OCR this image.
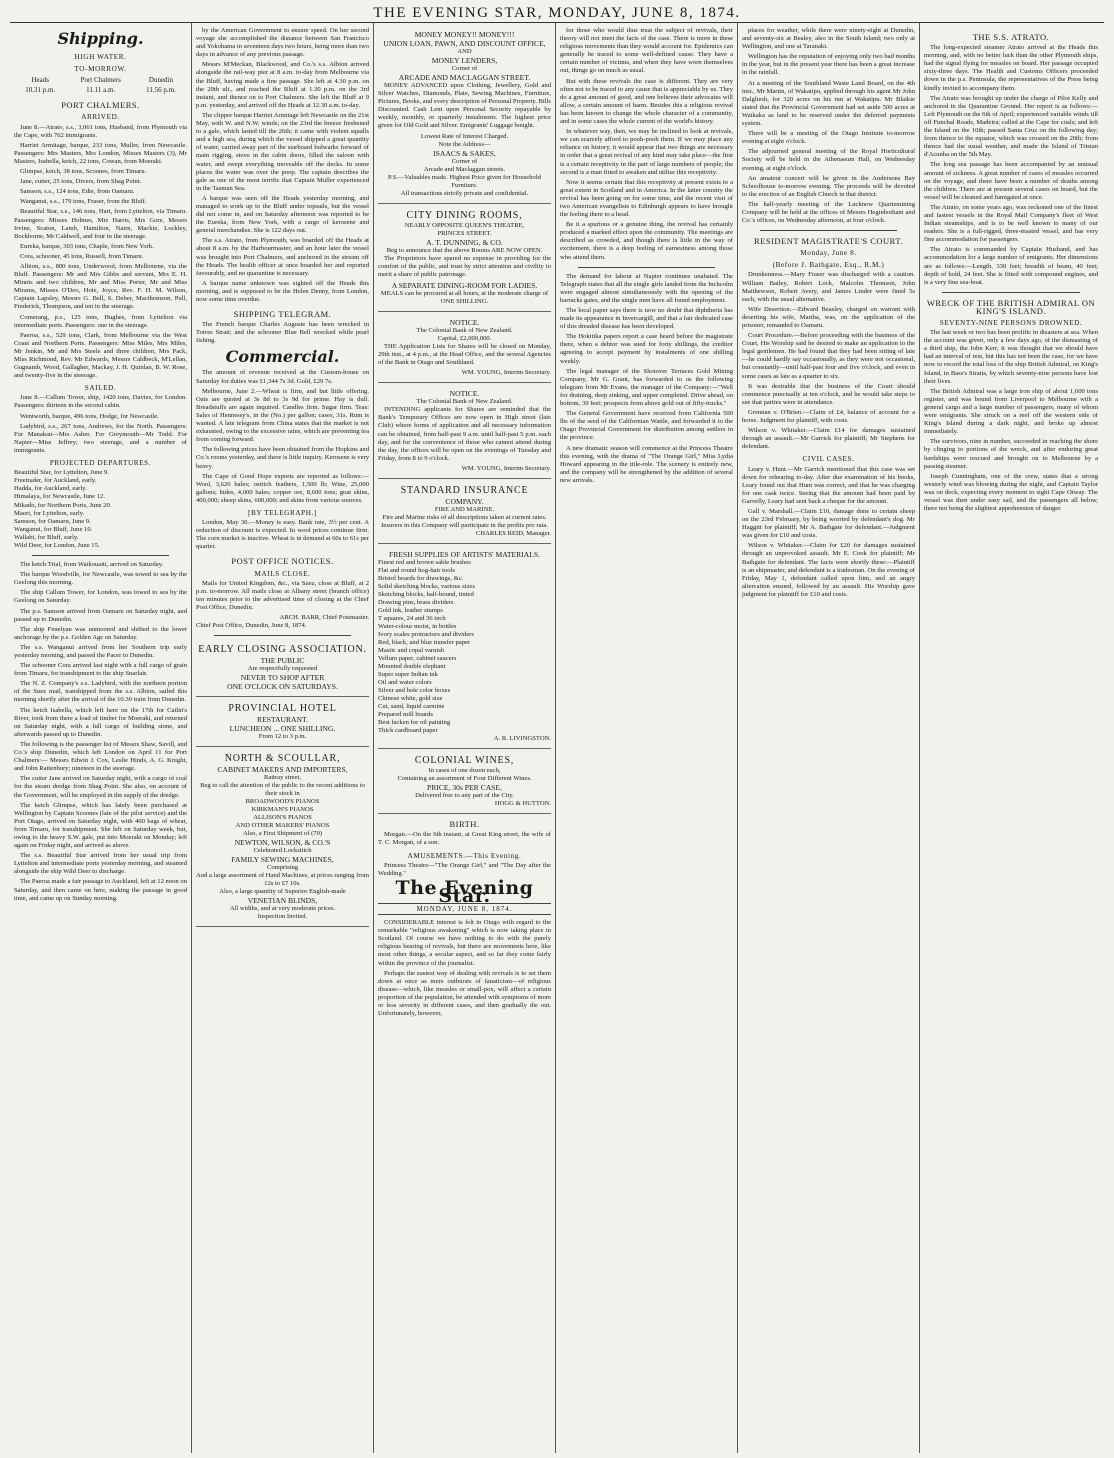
THE EVENING STAR, MONDAY, JUNE 8, 1874.
Shipping.
HIGH WATER.
TO-MORROW.
Heads	Port Chalmers	Dunedin
10.31 p.m.	11.11 a.m.	11.56 p.m.
PORT CHALMERS.
ARRIVED.

June 8.—Atrato, s.s., 3,061 tons, Husband, from Plymouth via the Cape, with 762 immigrants.

Harriet Armitage, barque, 233 tons, Muller, from Newcastle. Passengers: Mrs Masters, Mrs London, Misses Masters (3), Mr Masters, Isabella, ketch, 22 tons, Cowan, from Moeraki.

Glimpse, ketch, 38 tons, Scoones, from Timaru.

Jane, cutter, 25 tons, Divers, from Shag Point.

Samson, s.s., 124 tons, Edie, from Oamaru.

Wanganui, s.s., 179 tons, Fraser, from the Bluff.

Beautiful Star, s.s., 146 tons, Hart, from Lyttelton, via Timaru. Passengers: Misses Holmes, Mrs Harris, Mrs Gore, Messrs Irvine, Scaton, Lamb, Hamilton, Nairn, Mackie, Lockley, Bockborne, Mr Caldwell, and four in the steerage.

Eureka, barque, 303 tons, Chaple, from New York.

Cora, schooner, 45 tons, Russell, from Timaru.

Albion, s.s., 800 tons, Underwood, from Melbourne, via the Bluff. Passengers: Mr and Mrs Gibbs and servant, Mrs E. H. Minnis and two children, Mr and Miss Porter, Mr and Miss Mirams, Misses O'Deo, Hoie, Joyce, Rev. F. H. M. Wilson, Captain Lapsley, Messrs G. Bell, S. Deber, Macthomson, Pull, Frederick, Thompson, and ten in the steerage.

Comerang, p.s., 125 tons, Hughes, from Lyttelton via intermediate ports. Passengers: one in the steerage.

Paeroa, s.s., 529 tons, Clark, from Melbourne via the West Coast and Northern Ports. Passengers: Miss Miles, Mrs Miles, Mr Jenkin, Mr and Mrs Steele and three children, Mrs Pack, Miss Richmond, Rev. Mr Edwards, Messrs Caldbeck, M'Lellan, Gugnamb, Wood, Gallagher, Mackay, J. H. Quinlan, B. W. Rose, and twenty-five in the steerage.

SAILED.

June 8.—Callum Tower, ship, 1420 tons, Davies, for London. Passengers: thirteen in the second cabin.

Wentworth, barque, 496 tons, Hodge, for Newcastle.

Ladybird, s.s., 267 tons, Andrews, for the North. Passengers: For Manakau—Mrs Asher. For Greymouth—Mr Todd. For Napier—Miss Jeffrey; two steerage, and a number of immigrants.

PROJECTED DEPARTURES.
Beautiful Star, for Lyttelton, June 9.
Freetrader, for Auckland, early.
Hadda, for Auckland, early.
Himalaya, for Newcastle, June 12.
Mikado, for Northern Ports, June 20.
Maori, for Lyttelton, early.
Samson, for Oamaru, June 9.
Wanganui, for Bluff, June 10.
Wallabi, for Bluff, early.
Wild Deer, for London, June 15.

The ketch Trial, from Waikouaiti, arrived on Saturday.

The barque Woodville, for Newcastle, was towed to sea by the Geelong this morning.

The ship Callum Tower, for London, was towed to sea by the Geelong on Saturday.

The p.s. Samson arrived from Oamaru on Saturday night, and passed up to Dunedin.

The ship Fenelyan was unmoored and shifted to the lower anchorage by the p.s. Golden Age on Saturday.

The s.s. Wanganui arrived from her Southern trip early yesterday morning, and passed the Pacer to Dunedin.

The schooner Cora arrived last night with a full cargo of grain from Timaru, for transhipment to the ship Snarlair.

The N. Z. Company's s.s. Ladybird, with the northern portion of the Suez mail, transhipped from the s.s. Albion, sailed this morning shortly after the arrival of the 10.30 train from Dunedin.

The ketch Isabella, which left here on the 17th for Catlin's River, took from there a load of timber for Moeraki, and returned on Saturday night, with a full cargo of building stone, and afterwards passed up to Dunedin.

The following is the passenger list of Messrs Shaw, Savill, and Co.'s ship Dunedin, which left London on April 11 for Port Chalmers:— Messrs Edwin J. Cox, Leslie Hinds, A. G. Knight, and John Rattenbury; nineteen in the steerage.

The cutter Jane arrived on Saturday night, with a cargo of coal for the steam dredge from Shag Point. She also, on account of the Government, will be employed in the supply of the dredge.

The ketch Glimpse, which has lately been purchased at Wellington by Captain Scoones (late of the pilot service) and the Port Otago, arrived on Saturday night, with 400 bags of wheat, from Timaru, for transhipment. She left on Saturday week, but, owing to the heavy S.W. gale, put into Moeraki on Monday; left again on Friday night, and arrived as above.

The s.s. Beautiful Star arrived from her usual trip from Lyttelton and intermediate ports yesterday morning, and steamed alongside the ship Wild Deer to discharge.

The Paeroa made a fair passage to Auckland, left at 12 noon on Saturday, and then came on here, making the passage in good time, and came up on Sunday morning.

by the American Government to ensure speed. On her second voyage she accomplished the distance between San Francisco and Yokohama in seventeen days two hours, being more than two days in advance of any previous passage.

Messrs M'Meckan, Blackwood, and Co.'s s.s. Albion arrived alongside the rail-way pier at 8 a.m. to-day from Melbourne via the Bluff, having made a fine passage. She left at 4.30 p.m. on the 29th ult., and reached the Bluff at 1.30 p.m. on the 3rd instant, and thence on to Port Chalmers. She left the Bluff at 9 p.m. yesterday, and arrived off the Heads at 12.30 a.m. to-day.

The clipper barque Harriet Armitage left Newcastle on the 21st May, with W. and N.W. winds; on the 23rd the breeze freshened to a gale, which lasted till the 26th; it came with violent squalls and a high sea, during which the vessel shipped a great quantity of water, carried away part of the starboard bulwarks forward of main rigging, stove in the cabin doors, filled the saloon with water, and swept everything moveable off the decks. In some places the water was over the poop. The captain describes the gale as one of the most terrific that Captain Muller experienced in the Tasman Sea.

A barque was seen off the Heads yesterday morning, and managed to work up to the Bluff under topsails, but the vessel did not come in, and on Saturday afternoon was reported to be the Eureka, from New York, with a cargo of kerosene and general merchandise. She is 122 days out.

The s.s. Atrato, from Plymouth, was boarded off the Heads at about 8 a.m. by the Harbourmaster, and an hour later the vessel was brought into Port Chalmers, and anchored in the stream off the Heads. The health officer at once boarded her and reported favourably, and no quarantine is necessary.

A barque name unknown was sighted off the Heads this morning, and is supposed to be the Helen Denny, from London, now some time overdue.

SHIPPING TELEGRAM.

The French barque Charles Auguste has been wrecked in Torres Strait; and the schooner Blue Bell wrecked while pearl fishing.

Commercial.

The amount of revenue received at the Custom-house on Saturday for duties was £1,344 7s 3d. Gold, £29 7s.

Melbourne, June 2.—Wheat is firm, and but little offering. Oats are quoted at 3s 8d to 3s 9d for prime. Hay is dull. Breadstuffs are again inquired. Candles firm. Sugar firm. Teas: Sales of Hennessy's, in the (No.) per gallon; cases, 31s. Rum is wanted. A late telegram from China states that the market is not exhausted, owing to the excessive rains, which are preventing tea from coming forward.

The following prices have been obtained from the Hopkins and Co.'s rooms yesterday, and there is little inquiry. Kerosene is very heavy.

The Cape of Good Hope exports are reported as follows:— Wool, 3,620 bales; ostrich feathers, 1,500 lb; Wine, 25,000 gallons; hides, 4,000 bales; copper ore, 8,600 tons; goat skins, 400,000; sheep skins, 600,000; and skins from various sources.

[BY TELEGRAPH.]

London, May 30.—Money is easy. Bank rate, 3½ per cent. A reduction of discount is expected. In wool prices continue firm. The corn market is inactive. Wheat is in demand at 60s to 61s per quarter.

POST OFFICE NOTICES.
MAILS CLOSE.

Mails for United Kingdom, &c., via Suez, close at Bluff, at 2 p.m. to-morrow. All mails close at Albany street (branch office) ten minutes prior to the advertised time of closing at the Chief Post Office, Dunedin.

ARCH. BARR, Chief Postmaster.
Chief Post Office, Dunedin, June 8, 1874.
EARLY CLOSING ASSOCIATION.
THE PUBLIC
Are respectfully requested
NEVER TO SHOP AFTER
ONE O'CLOCK ON SATURDAYS.
PROVINCIAL HOTEL
RESTAURANT.
LUNCHEON ... ONE SHILLING.
From 12 to 3 p.m.
NORTH & SCOULLAR,
CABINET MAKERS AND IMPORTERS,
Rattray street,
Beg to call the attention of the public to the recent additions to their stock in
BROADWOOD'S PIANOS
KIRKMAN'S PIANOS
ALLISON'S PIANOS
AND OTHER MAKERS' PIANOS
Also, a First Shipment of (70)
NEWTON, WILSON, & CO.'S
Celebrated Lockstitch
FAMILY SEWING MACHINES,
Comprising
And a large assortment of Hand Machines, at prices ranging from 12s to £7 10s.
Also, a large quantity of Superior English-made
VENETIAN BLINDS,
All widths, and at very moderate prices.
Inspection Invited.
MONEY MONEY!! MONEY!!!
UNION LOAN, PAWN, AND DISCOUNT OFFICE,
AND
MONEY LENDERS,
Corner of
ARCADE AND MACLAGGAN STREET.

MONEY ADVANCED upon Clothing, Jewellery, Gold and Silver Watches, Diamonds, Plate, Sewing Machines, Furniture, Pictures, Books, and every description of Personal Property. Bills Discounted. Cash Lent upon Personal Security repayable by weekly, monthly, or quarterly instalments. The highest price given for Old Gold and Silver. Emigrants' Luggage bought.

Lowest Rate of Interest Charged.
Note the Address—
ISAACS & SAKES,
Corner of
Arcade and Maclaggan streets.
P.S.—Valuables made. Highest Price given for Household Furniture.
All transactions strictly private and confidential.
CITY DINING ROOMS,
NEARLY OPPOSITE QUEEN'S THEATRE,
PRINCES STREET.
A. T. DUNNING, & CO.
Beg to announce that the above Rooms ARE NOW OPEN.

The Proprietors have spared no expense in providing for the comfort of the public, and trust by strict attention and civility to merit a share of public patronage.

A SEPARATE DINING-ROOM FOR LADIES.
MEALS can be procured at all hours, at the moderate charge of ONE SHILLING.
NOTICE.
The Colonial Bank of New Zealand.
Capital, £2,000,000.

THE Application Lists for Shares will be closed on Monday, 29th inst., at 4 p.m., at the Head Office, and the several Agencies of the Bank in Otago and Southland.

WM. YOUNG, Interim Secretary.
NOTICE.
The Colonial Bank of New Zealand.

INTENDING applicants for Shares are reminded that the Bank's Temporary Offices are now open in High street (late Club) where forms of application and all necessary information can be obtained, from half-past 9 a.m. until half-past 5 p.m. each day, and for the convenience of those who cannot attend during the day, the offices will be open on the evenings of Tuesday and Friday, from 8 to 9 o'clock.

WM. YOUNG, Interim Secretary.
STANDARD INSURANCE
COMPANY.
FIRE AND MARINE.
Fire and Marine risks of all descriptions taken at current rates.
Insurers in this Company will participate in the profits pro rata.
CHARLES REID, Manager.
FRESH SUPPLIES OF ARTISTS' MATERIALS.
Finest red and brown sable brushes
Flat and round hog-hair tools
Bristol boards for drawings, &c.
Solid sketching blocks, various sizes
Sketching blocks, half-bound, tinted
Drawing pins, brass dividers
Gold ink, leather stumps
T squares, 24 and 36 inch
Water-colour moist, in bottles
Ivory scales protractors and dividers
Red, black, and blue transfer paper
Mastic and copal varnish
Vellum paper, cabinet saucers
Mounted double elephant
Super super Indian ink
Oil and water colors
Silver and bole color boxes
Chinese white, gold size
Cut, sand, liquid carmine
Prepared mill boards
Best lucken for oil painting
Thick cardboard paper
A. R. LIVINGSTON.
COLONIAL WINES,
In cases of one dozen each,
Containing an assortment of Four Different Wines.
PRICE, 30s PER CASE,
Delivered free to any part of the City.
HOGG & HUTTON.
BIRTH.

Morgan.—On the 6th instant, at Great King street, the wife of T. C. Morgan, of a son.

AMUSEMENTS.—This Evening.

Princess Theatre—"The Orange Girl," and "The Day after the Wedding."

The Evening Star.
MONDAY, JUNE 8, 1874.

CONSIDERABLE interest is felt in Otago with regard to the remarkable "religious awakening" which is now taking place in Scotland. Of course we have nothing to do with the purely religious bearing of revivals, but there are movements here, like most other things, a secular aspect, and so far they come fairly within the province of the journalist.

Perhaps the easiest way of dealing with revivals is to set them down at once as mere outbursts of fanaticism—of religious disease—which, like measles or small-pox, will affect a certain proportion of the population, be attended with symptoms of more or less severity in different cases, and then gradually die out. Unfortunately, however,

for those who would thus treat the subject of revivals, their theory will not meet the facts of the case. There is more in these religious movements than they would account for. Epidemics can generally be traced to some well-defined cause. They have a certain number of victims, and when they have worn themselves out, things go on much as usual.

But with these revivals the case is different. They are very often not to be traced to any cause that is appreciable by us. They do a great amount of good, and one believes their advocates will allow, a certain amount of harm. Besides this a religious revival has been known to change the whole character of a community, and in some cases the whole current of the world's history.

In whatever way, then, we may be inclined to look at revivals, we can scarcely afford to pooh-pooh them. If we may place any reliance on history, it would appear that two things are necessary in order that a great revival of any kind may take place—the first is a certain receptivity in the part of large numbers of people; the second is a man fitted to awaken and utilise this receptivity.

Now it seems certain that this receptivity at present exists to a great extent in Scotland and in America. In the latter country the revival has been going on for some time, and the recent visit of two American evangelists to Edinburgh appears to have brought the feeling there to a head.

Be it a spurious or a genuine thing, the revival has certainly produced a marked effect upon the community. The meetings are described as crowded, and though there is little in the way of excitement, there is a deep feeling of earnestness among those who attend them.

The demand for labour at Napier continues unabated. The Telegraph states that all the single girls landed from the Inchcolm were engaged almost simultaneously with the opening of the barracks gates, and the single men have all found employment.

The local paper says there is now no doubt that diphtheria has made its appearance in Invercargill, and that a fair dedicated case of this dreaded disease has been developed.

The Hokitika papers report a case heard before the magistrate there, when a debtor was sued for forty shillings, the creditor agreeing to accept payment by instalments of one shilling weekly.

The legal manager of the Shotover Terraces Gold Mining Company, Mr G. Grant, has forwarded to us the following telegram from Mr Evans, the manager of the Company:—"Well for draining, deep sinking, and upper completed. Drive ahead, on bottom, 39 feet; prospects from above gold out of fifty-trucks."

The General Government have received from California 500 lbs of the seed of the Californian Wattle, and forwarded it to the Otago Provincial Government for distribution among settlers in the province.

A new dramatic season will commence at the Princess Theatre this evening, with the drama of "The Orange Girl," Miss Lydia Howard appearing in the title-role. The scenery is entirely new, and the company will be strengthened by the addition of several new arrivals.

places for weather, while there were ninety-eight at Dunedin, and seventy-six at Bealey, also in the South Island; two only at Wellington, and one at Taranaki.

Wellington has the reputation of enjoying only two bad months in the year, but in the present year there has been a great increase in the rainfall.

At a meeting of the Southland Waste Land Board, on the 4th inst., Mr Martin, of Wakatipu, applied through his agent Mr John Dalgliesh, for 320 acres on his run at Wakatipu. Mr Blaikie stated that the Provincial Government had set aside 500 acres at Waikaka as land to be reserved under the deferred payments system.

There will be a meeting of the Otago Institute to-morrow evening at eight o'clock.

The adjourned general meeting of the Royal Horticultural Society will be held in the Athenaeum Hall, on Wednesday evening, at eight o'clock.

An amateur concert will be given in the Andersons Bay Schoolhouse to-morrow evening. The proceeds will be devoted to the erection of an English Church in that district.

The half-yearly meeting of the Lucknow Quartzmining Company will be held at the offices of Messrs Heginbotham and Co.'s offices, on Wednesday afternoon, at four o'clock.

RESIDENT MAGISTRATE'S COURT.
Monday, June 8.
(Before J. Bathgate, Esq., R.M.)

Drunkenness.—Mary Fraser was discharged with a caution. William Bailey, Robert Lock, Malcolm Thomson, John Matthewson, Robert Avery, and James Linder were fined 5s each, with the usual alternative.

Wife Desertion.—Edward Beasley, charged on warrant with deserting his wife, Martha, was, on the application of the prisoner, remanded to Oamaru.

Court Procedure.—Before proceeding with the business of the Court, His Worship said he desired to make an application to the legal gentlemen. He had found that they had been sitting of late—he could hardly say occasionally, as they were not occasional, but constantly—until half-past four and five o'clock, and even in some cases as late as a quarter to six.

It was desirable that the business of the Court should commence punctually at ten o'clock, and he would take steps to see that parties were in attendance.

Grennan v. O'Brien.—Claim of £4, balance of account for a horse. Judgment for plaintiff, with costs.

Wilson v. Whitaker.—Claim £14 for damages sustained through an assault.—Mr Garrick for plaintiff; Mr Stephens for defendant.

CIVIL CASES.

Leary v. Hunt.—Mr Garrick mentioned that this case was set down for rehearing to-day. After due examination of his books, Leary found out that Hunt was correct, and that he was charging for one cask twice. Seeing that the amount had been paid by Garvelly, Leary had sent back a cheque for the amount.

Gall v. Marshall.—Claim £10, damage done to certain sheep on the 23rd February, by being worried by defendant's dog. Mr Haggitt for plaintiff; Mr A. Bathgate for defendant.—Judgment was given for £10 and costs.

Wilson v. Whitaker.—Claim for £20 for damages sustained through an unprovoked assault. Mr E. Cook for plaintiff; Mr Bathgate for defendant. The facts were shortly these:—Plaintiff is an shipmaster, and defendant is a tradesman. On the evening of Friday, May 1, defendant called upon him, and an angry altercation ensued, followed by an assault. His Worship gave judgment for plaintiff for £10 and costs.

THE S.S. ATRATO.

The long-expected steamer Atrato arrived at the Heads this morning, and, with no better luck than the other Plymouth ships, had the signal flying for measles on board. Her passage occupied sixty-three days. The Health and Customs Officers proceeded down in the p.s. Peninsula, the representatives of the Press being kindly invited to accompany them.

The Atrato was brought up under the charge of Pilot Kelly and anchored in the Quarantine Ground. Her report is as follows:—Left Plymouth on the 6th of April; experienced variable winds till off Funchal Roads, Madeira; called at the Cape for coals; and left the Island on the 10th; passed Santa Cruz on the following day; from thence to the equator, which was crossed on the 20th; from thence had the usual weather, and made the Island of Tristan d'Acunha on the 5th May.

The long sea passage has been accompanied by an unusual amount of sickness. A great number of cases of measles occurred on the voyage, and there have been a number of deaths among the children. There are at present several cases on board, but the vessel will be cleaned and fumigated at once.

The Atrato, on some years ago, was reckoned one of the finest and fastest vessels in the Royal Mail Company's fleet of West Indian steamships, and is to be well known to many of our readers. She is a full-rigged, three-masted vessel, and has very fine accommodation for passengers.

The Atrato is commanded by Captain Husband, and has accommodation for a large number of emigrants. Her dimensions are as follows:—Length, 330 feet; breadth of beam, 40 feet; depth of hold, 24 feet. She is fitted with compound engines, and is a very fine sea-boat.

WRECK OF THE BRITISH ADMIRAL ON KING'S ISLAND.
SEVENTY-NINE PERSONS DROWNED.

The last week or two has been prolific in disasters at sea. When the account was given, only a few days ago, of the dismasting of a third ship, the John Kerr, it was thought that we should have had an interval of rest, but this has not been the case, for we have now to record the total loss of the ship British Admiral, on King's Island, in Bass's Straits, by which seventy-nine persons have lost their lives.

The British Admiral was a large iron ship of about 1,600 tons register, and was bound from Liverpool to Melbourne with a general cargo and a large number of passengers, many of whom were emigrants. She struck on a reef off the western side of King's Island during a dark night, and broke up almost immediately.

The survivors, nine in number, succeeded in reaching the shore by clinging to portions of the wreck, and after enduring great hardships were rescued and brought on to Melbourne by a passing steamer.

Joseph Cunningham, one of the crew, states that a strong westerly wind was blowing during the night, and Captain Taylor was on deck, expecting every moment to sight Cape Otway. The vessel was then under easy sail, and the passengers all below, there not being the slightest apprehension of danger.
